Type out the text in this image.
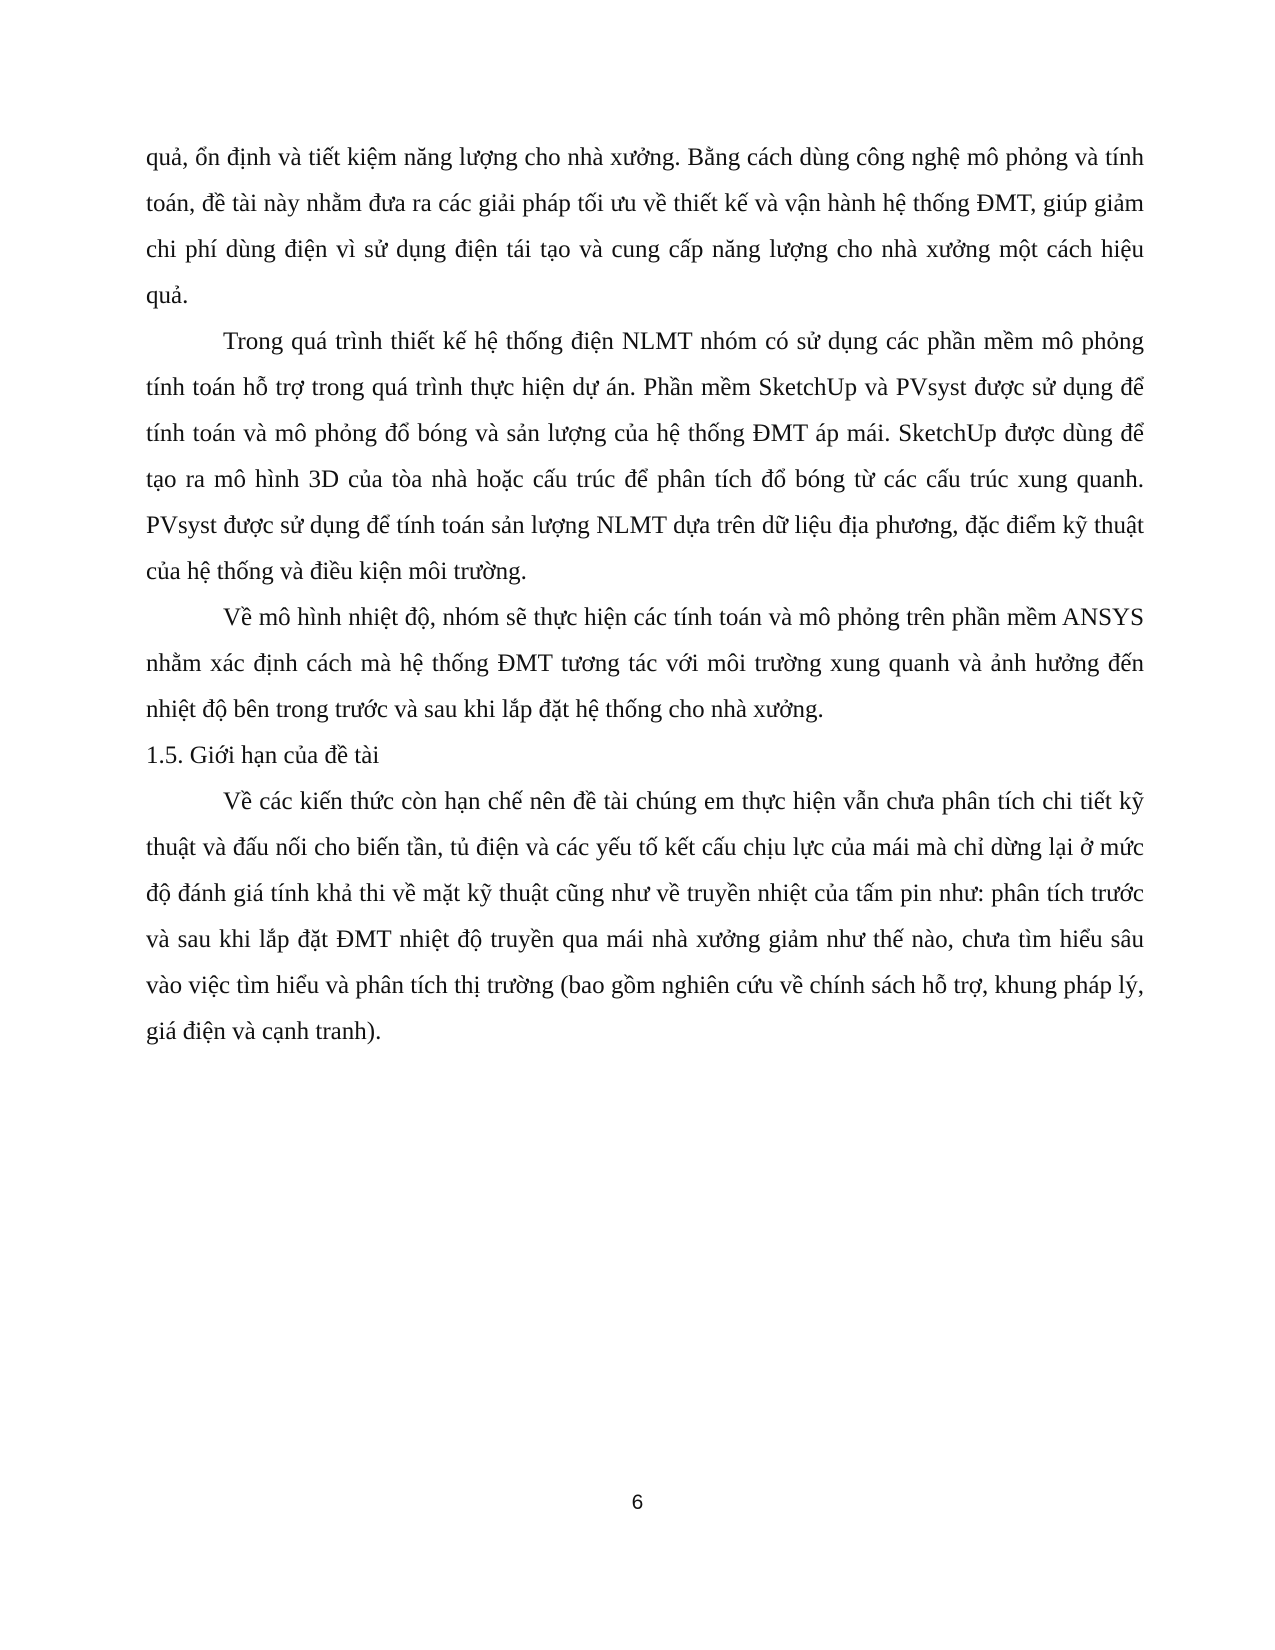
quả, ổn định và tiết kiệm năng lượng cho nhà xưởng. Bằng cách dùng công nghệ mô phỏng và tính toán, đề tài này nhằm đưa ra các giải pháp tối ưu về thiết kế và vận hành hệ thống ĐMT, giúp giảm chi phí dùng điện vì sử dụng điện tái tạo và cung cấp năng lượng cho nhà xưởng một cách hiệu quả.

Trong quá trình thiết kế hệ thống điện NLMT nhóm có sử dụng các phần mềm mô phỏng tính toán hỗ trợ trong quá trình thực hiện dự án. Phần mềm SketchUp và PVsyst được sử dụng để tính toán và mô phỏng đổ bóng và sản lượng của hệ thống ĐMT áp mái. SketchUp được dùng để tạo ra mô hình 3D của tòa nhà hoặc cấu trúc để phân tích đổ bóng từ các cấu trúc xung quanh. PVsyst được sử dụng để tính toán sản lượng NLMT dựa trên dữ liệu địa phương, đặc điểm kỹ thuật của hệ thống và điều kiện môi trường.

Về mô hình nhiệt độ, nhóm sẽ thực hiện các tính toán và mô phỏng trên phần mềm ANSYS nhằm xác định cách mà hệ thống ĐMT tương tác với môi trường xung quanh và ảnh hưởng đến nhiệt độ bên trong trước và sau khi lắp đặt hệ thống cho nhà xưởng.

1.5. Giới hạn của đề tài

Về các kiến thức còn hạn chế nên đề tài chúng em thực hiện vẫn chưa phân tích chi tiết kỹ thuật và đấu nối cho biến tần, tủ điện và các yếu tố kết cấu chịu lực của mái mà chỉ dừng lại ở mức độ đánh giá tính khả thi về mặt kỹ thuật cũng như về truyền nhiệt của tấm pin như: phân tích trước và sau khi lắp đặt ĐMT nhiệt độ truyền qua mái nhà xưởng giảm như thế nào, chưa tìm hiểu sâu vào việc tìm hiểu và phân tích thị trường (bao gồm nghiên cứu về chính sách hỗ trợ, khung pháp lý, giá điện và cạnh tranh).

6
